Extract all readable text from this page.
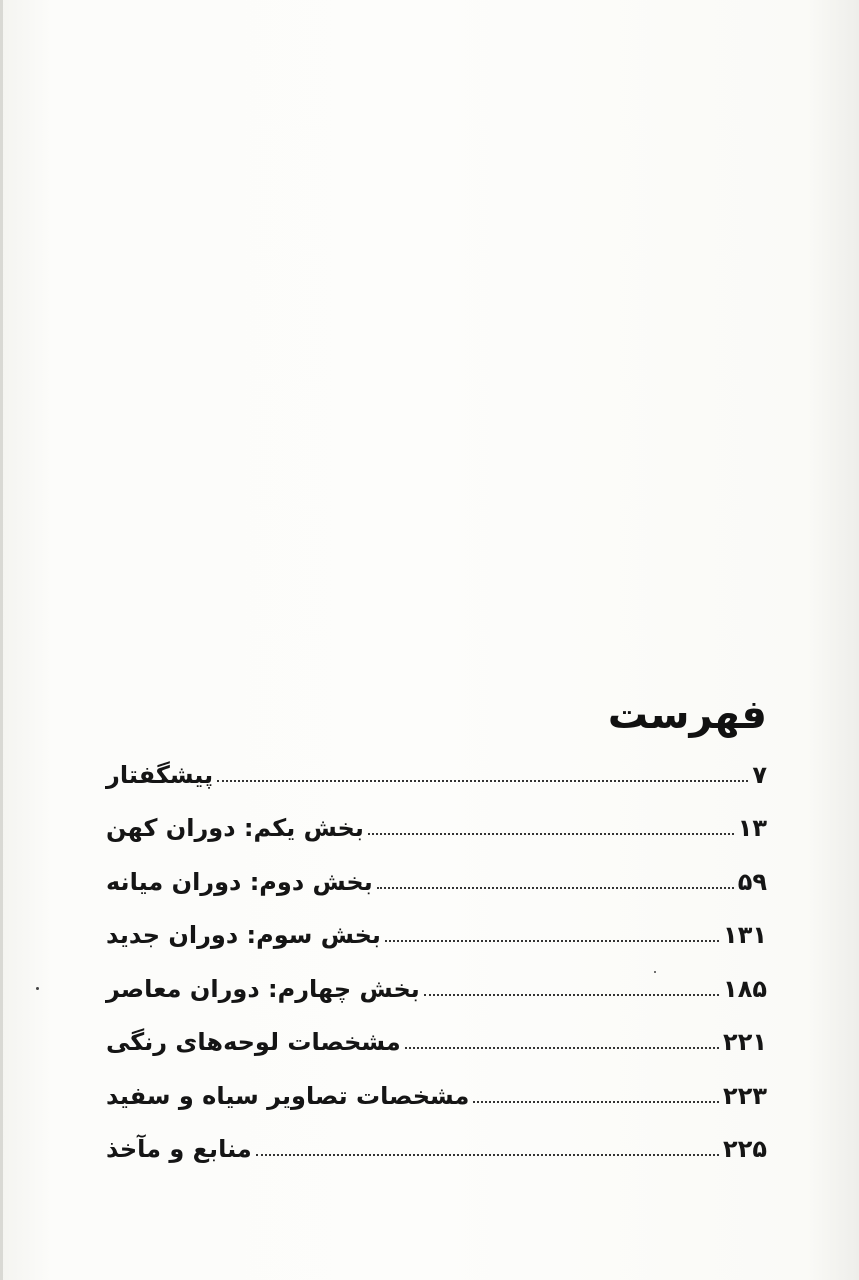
فهرست
پیشگفتار	۷
بخش یکم: دوران کهن	۱۳
بخش دوم: دوران میانه	۵۹
بخش سوم: دوران جدید	۱۳۱
بخش چهارم: دوران معاصر	۱۸۵
مشخصات لوحه‌های رنگی	۲۲۱
مشخصات تصاویر سیاه و سفید	۲۲۳
منابع و مآخذ	۲۲۵
